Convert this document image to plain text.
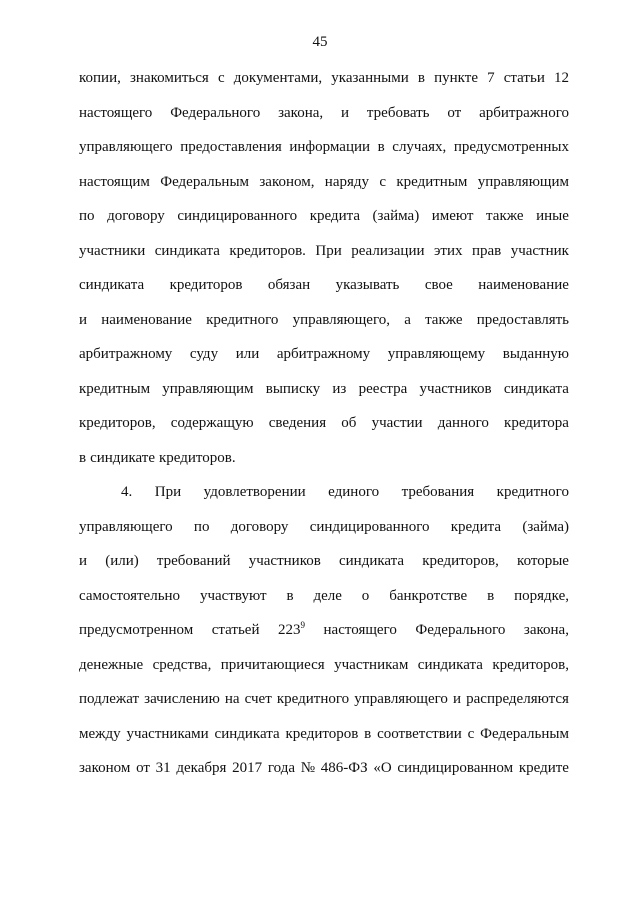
45
копии, знакомиться с документами, указанными в пункте 7 статьи 12
настоящего Федерального закона, и требовать от арбитражного
управляющего предоставления информации в случаях, предусмотренных
настоящим Федеральным законом, наряду с кредитным управляющим
по договору синдицированного кредита (займа) имеют также иные
участники синдиката кредиторов. При реализации этих прав участник
синдиката кредиторов обязан указывать свое наименование
и наименование кредитного управляющего, а также предоставлять
арбитражному суду или арбитражному управляющему выданную
кредитным управляющим выписку из реестра участников синдиката
кредиторов, содержащую сведения об участии данного кредитора
в синдикате кредиторов.
4. При удовлетворении единого требования кредитного
управляющего по договору синдицированного кредита (займа)
и (или) требований участников синдиката кредиторов, которые
самостоятельно участвуют в деле о банкротстве в порядке,
предусмотренном статьей $223^9$ настоящего Федерального закона,
денежные средства, причитающиеся участникам синдиката кредиторов,
подлежат зачислению на счет кредитного управляющего и распределяются
между участниками синдиката кредиторов в соответствии с Федеральным
законом от 31 декабря 2017 года № 486-ФЗ «О синдицированном кредите
